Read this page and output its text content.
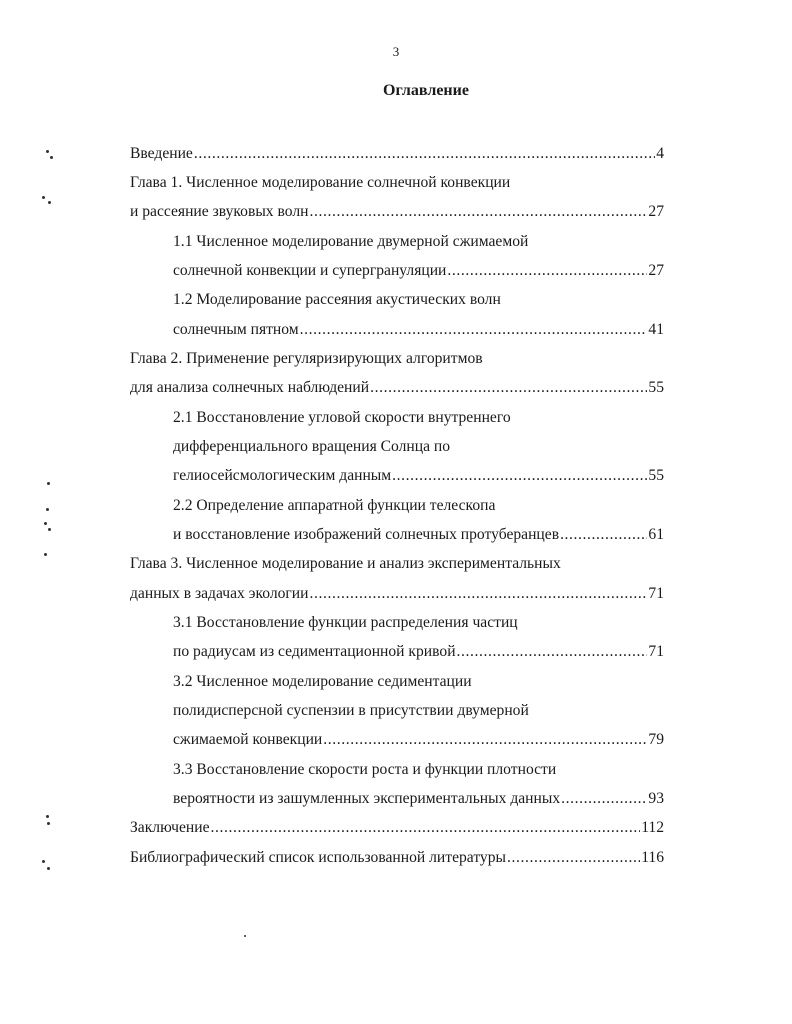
3
Оглавление
Введение .....	4
Глава 1. Численное моделирование солнечной конвекции
и рассеяние звуковых волн .....	27
1.1 Численное моделирование двумерной сжимаемой
солнечной конвекции и супергрануляции .....	27
1.2 Моделирование рассеяния акустических волн
солнечным пятном .....	41
Глава 2. Применение регуляризирующих алгоритмов
для анализа солнечных наблюдений .....	55
2.1 Восстановление угловой скорости внутреннего
дифференциального вращения Солнца по
гелиосейсмологическим данным .....	55
2.2 Определение аппаратной функции телескопа
и восстановление изображений солнечных протуберанцев .....	61
Глава 3. Численное моделирование и анализ экспериментальных
данных в задачах экологии .....	71
3.1 Восстановление функции распределения частиц
по радиусам из седиментационной кривой .....	71
3.2 Численное моделирование седиментации
полидисперсной суспензии в присутствии двумерной
сжимаемой конвекции .....	79
3.3 Восстановление скорости роста и функции плотности
вероятности из зашумленных экспериментальных данных .....	93
Заключение .....	112
Библиографический список использованной литературы .....	116
